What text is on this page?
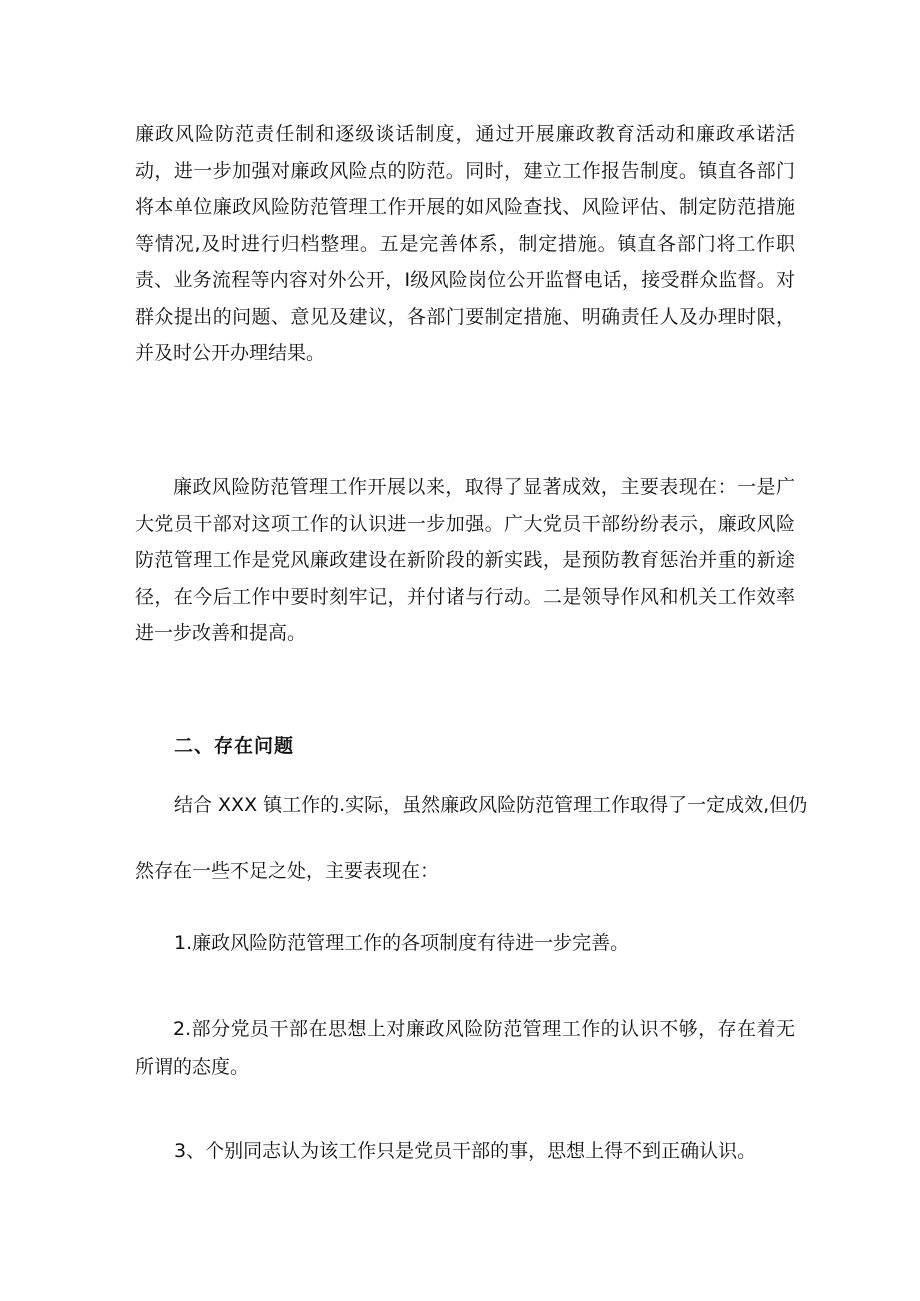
廉政风险防范责任制和逐级谈话制度，通过开展廉政教育活动和廉政承诺活动，进一步加强对廉政风险点的防范。同时，建立工作报告制度。镇直各部门将本单位廉政风险防范管理工作开展的如风险查找、风险评估、制定防范措施等情况,及时进行归档整理。五是完善体系，制定措施。镇直各部门将工作职责、业务流程等内容对外公开，I级风险岗位公开监督电话，接受群众监督。对群众提出的问题、意见及建议，各部门要制定措施、明确责任人及办理时限，并及时公开办理结果。

廉政风险防范管理工作开展以来，取得了显著成效，主要表现在：一是广大党员干部对这项工作的认识进一步加强。广大党员干部纷纷表示，廉政风险防范管理工作是党风廉政建设在新阶段的新实践，是预防教育惩治并重的新途径，在今后工作中要时刻牢记，并付诸与行动。二是领导作风和机关工作效率进一步改善和提高。

二、存在问题

结合 XXX 镇工作的.实际，虽然廉政风险防范管理工作取得了一定成效,但仍

然存在一些不足之处，主要表现在：

1.廉政风险防范管理工作的各项制度有待进一步完善。

2.部分党员干部在思想上对廉政风险防范管理工作的认识不够，存在着无所谓的态度。

3、个别同志认为该工作只是党员干部的事，思想上得不到正确认识。
